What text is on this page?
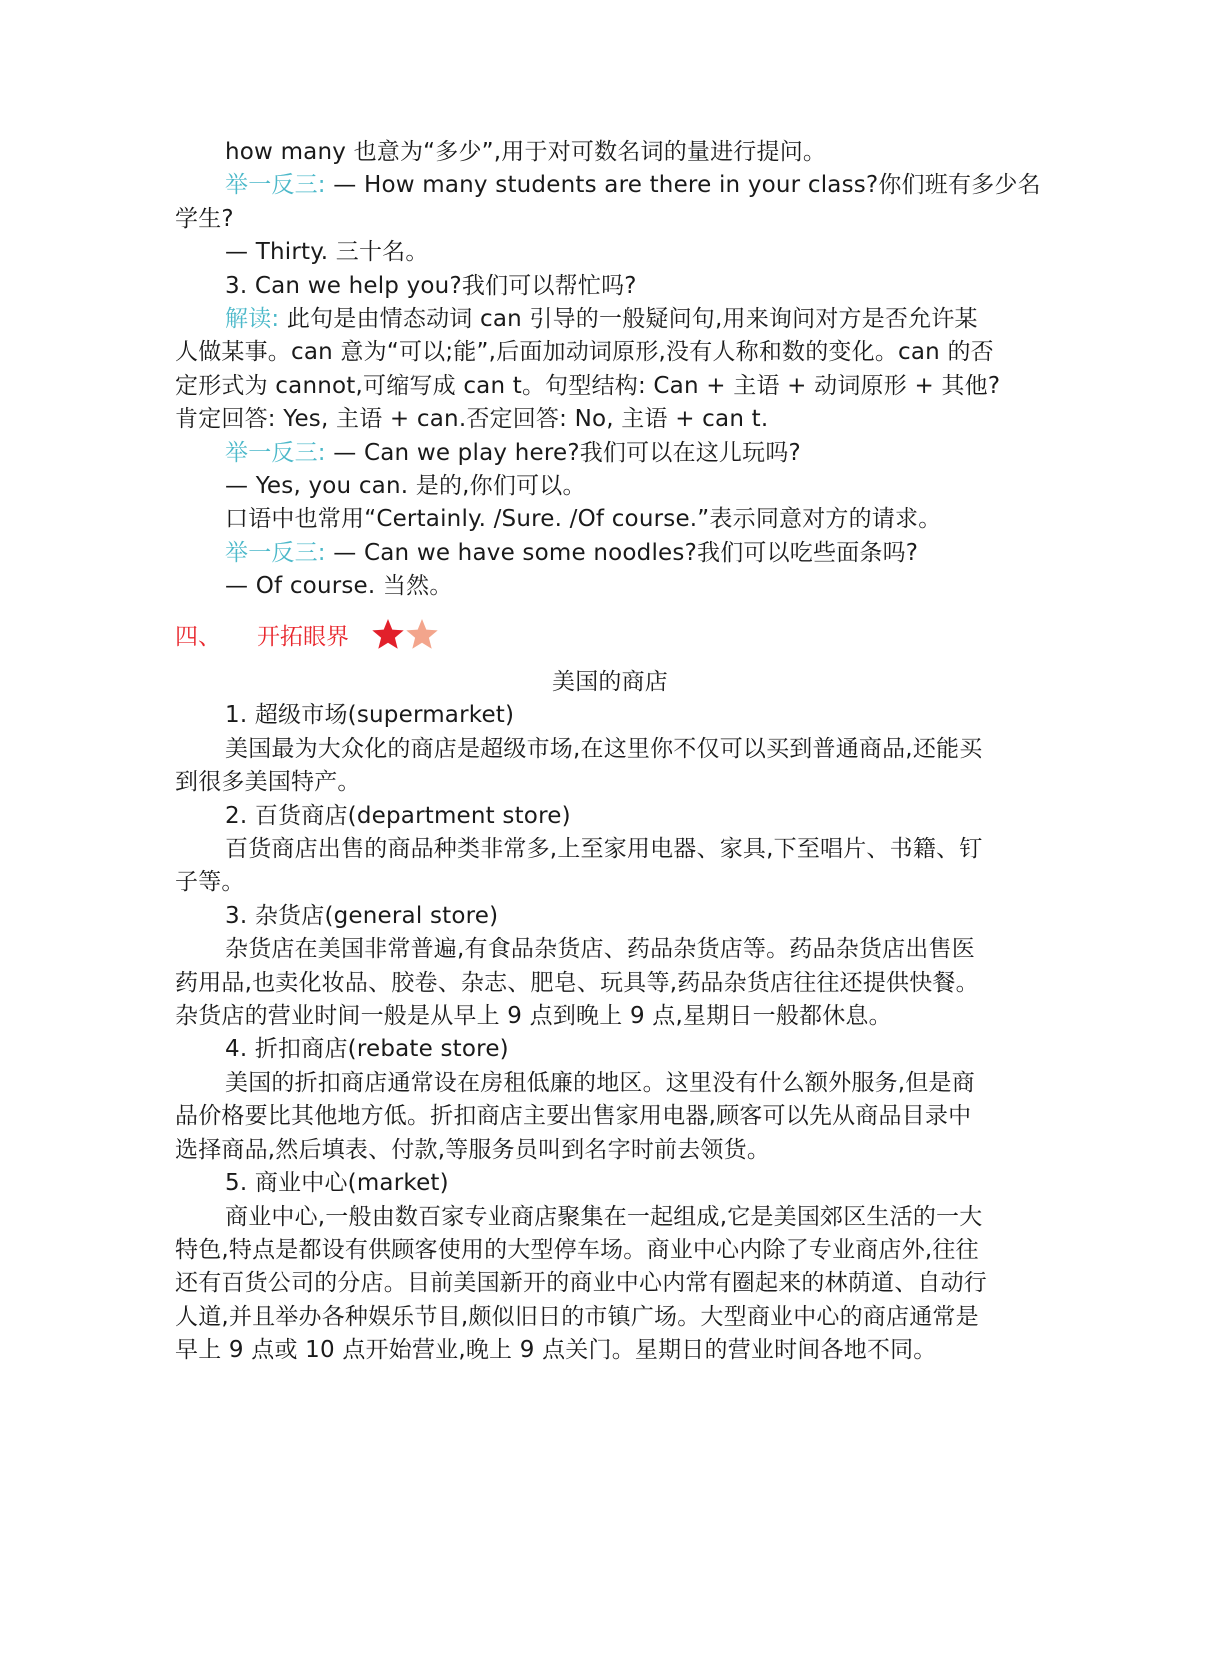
how many 也意为“多少”,用于对可数名词的量进行提问。
举一反三: — How many students are there in your class?你们班有多少名
学生?
— Thirty. 三十名。
3. Can we help you?我们可以帮忙吗?
解读: 此句是由情态动词 can 引导的一般疑问句,用来询问对方是否允许某
人做某事。can 意为“可以;能”,后面加动词原形,没有人称和数的变化。can 的否
定形式为 cannot,可缩写成 can t。句型结构: Can + 主语 + 动词原形 + 其他?
肯定回答: Yes, 主语 + can.否定回答: No, 主语 + can t.
举一反三: — Can we play here?我们可以在这儿玩吗?
— Yes, you can. 是的,你们可以。
口语中也常用“Certainly. /Sure. /Of course.”表示同意对方的请求。
举一反三: — Can we have some noodles?我们可以吃些面条吗?
— Of course. 当然。
四、 开拓眼界
美国的商店
1. 超级市场(supermarket)
美国最为大众化的商店是超级市场,在这里你不仅可以买到普通商品,还能买
到很多美国特产。
2. 百货商店(department store)
百货商店出售的商品种类非常多,上至家用电器、家具,下至唱片、书籍、钉
子等。
3. 杂货店(general store)
杂货店在美国非常普遍,有食品杂货店、药品杂货店等。药品杂货店出售医
药用品,也卖化妆品、胶卷、杂志、肥皂、玩具等,药品杂货店往往还提供快餐。
杂货店的营业时间一般是从早上 9 点到晚上 9 点,星期日一般都休息。
4. 折扣商店(rebate store)
美国的折扣商店通常设在房租低廉的地区。这里没有什么额外服务,但是商
品价格要比其他地方低。折扣商店主要出售家用电器,顾客可以先从商品目录中
选择商品,然后填表、付款,等服务员叫到名字时前去领货。
5. 商业中心(market)
商业中心,一般由数百家专业商店聚集在一起组成,它是美国郊区生活的一大
特色,特点是都设有供顾客使用的大型停车场。商业中心内除了专业商店外,往往
还有百货公司的分店。目前美国新开的商业中心内常有圈起来的林荫道、自动行
人道,并且举办各种娱乐节目,颇似旧日的市镇广场。大型商业中心的商店通常是
早上 9 点或 10 点开始营业,晚上 9 点关门。星期日的营业时间各地不同。
